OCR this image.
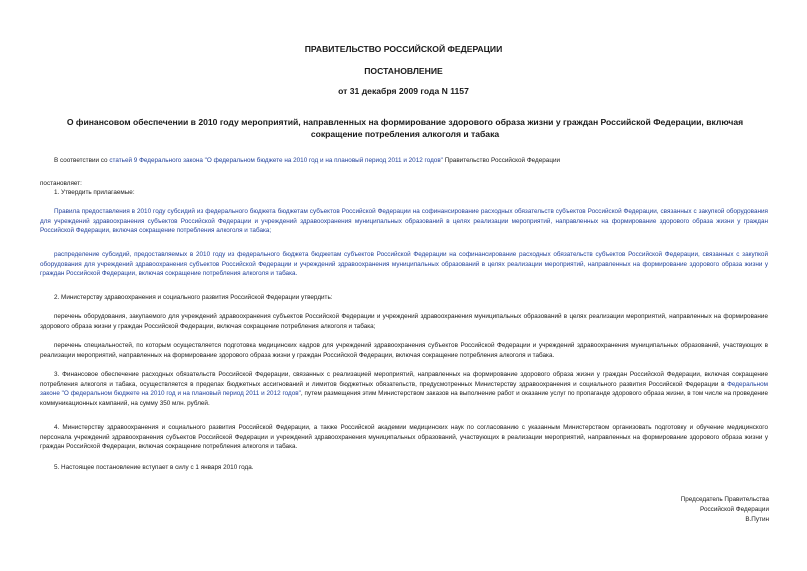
ПРАВИТЕЛЬСТВО РОССИЙСКОЙ ФЕДЕРАЦИИ
ПОСТАНОВЛЕНИЕ
от 31 декабря 2009 года N 1157
О финансовом обеспечении в 2010 году мероприятий, направленных на формирование здорового образа жизни у граждан Российской Федерации, включая сокращение потребления алкоголя и табака
В соответствии со статьей 9 Федерального закона "О федеральном бюджете на 2010 год и на плановый период 2011 и 2012 годов" Правительство Российской Федерации
постановляет:
1. Утвердить прилагаемые:
Правила предоставления в 2010 году субсидий из федерального бюджета бюджетам субъектов Российской Федерации на софинансирование расходных обязательств субъектов Российской Федерации, связанных с закупкой оборудования для учреждений здравоохранения субъектов Российской Федерации и учреждений здравоохранения муниципальных образований в целях реализации мероприятий, направленных на формирование здорового образа жизни у граждан Российской Федерации, включая сокращение потребления алкоголя и табака;
распределение субсидий, предоставляемых в 2010 году из федерального бюджета бюджетам субъектов Российской Федерации на софинансирование расходных обязательств субъектов Российской Федерации, связанных с закупкой оборудования для учреждений здравоохранения субъектов Российской Федерации и учреждений здравоохранения муниципальных образований в целях реализации мероприятий, направленных на формирование здорового образа жизни у граждан Российской Федерации, включая сокращение потребления алкоголя и табака.
2. Министерству здравоохранения и социального развития Российской Федерации утвердить:
перечень оборудования, закупаемого для учреждений здравоохранения субъектов Российской Федерации и учреждений здравоохранения муниципальных образований в целях реализации мероприятий, направленных на формирование здорового образа жизни у граждан Российской Федерации, включая сокращение потребления алкоголя и табака;
перечень специальностей, по которым осуществляется подготовка медицинских кадров для учреждений здравоохранения субъектов Российской Федерации и учреждений здравоохранения муниципальных образований, участвующих в реализации мероприятий, направленных на формирование здорового образа жизни у граждан Российской Федерации, включая сокращение потребления алкоголя и табака.
3. Финансовое обеспечение расходных обязательств Российской Федерации, связанных с реализацией мероприятий, направленных на формирование здорового образа жизни у граждан Российской Федерации, включая сокращение потребления алкоголя и табака, осуществляется в пределах бюджетных ассигнований и лимитов бюджетных обязательств, предусмотренных Министерству здравоохранения и социального развития Российской Федерации в Федеральном законе "О федеральном бюджете на 2010 год и на плановый период 2011 и 2012 годов", путем размещения этим Министерством заказов на выполнение работ и оказание услуг по пропаганде здорового образа жизни, в том числе на проведение коммуникационных кампаний, на сумму 350 млн. рублей.
4. Министерству здравоохранения и социального развития Российской Федерации, а также Российской академии медицинских наук по согласованию с указанным Министерством организовать подготовку и обучение медицинского персонала учреждений здравоохранения субъектов Российской Федерации и учреждений здравоохранения муниципальных образований, участвующих в реализации мероприятий, направленных на формирование здорового образа жизни у граждан Российской Федерации, включая сокращение потребления алкоголя и табака.
5. Настоящее постановление вступает в силу с 1 января 2010 года.
Председатель Правительства
Российской Федерации
В.Путин
